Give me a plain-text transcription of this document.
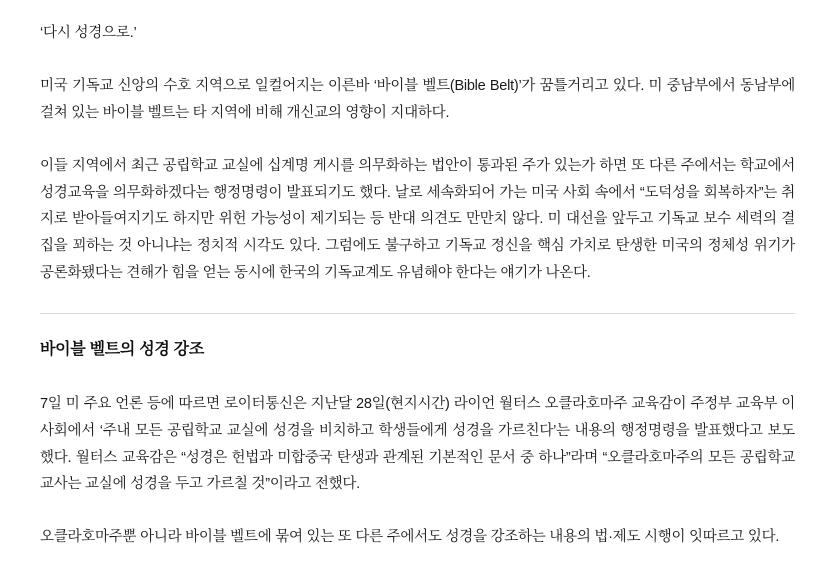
‘다시 성경으로.’

미국 기독교 신앙의 수호 지역으로 일컬어지는 이른바 ‘바이블 벨트(Bible Belt)’가 꿈틀거리고 있다. 미 중남부에서 동남부에 걸쳐 있는 바이블 벨트는 타 지역에 비해 개신교의 영향이 지대하다.

이들 지역에서 최근 공립학교 교실에 십계명 게시를 의무화하는 법안이 통과된 주가 있는가 하면 또 다른 주에서는 학교에서 성경교육을 의무화하겠다는 행정명령이 발표되기도 했다. 날로 세속화되어 가는 미국 사회 속에서 “도덕성을 회복하자”는 취지로 받아들여지기도 하지만 위헌 가능성이 제기되는 등 반대 의견도 만만치 않다. 미 대선을 앞두고 기독교 보수 세력의 결집을 꾀하는 것 아니냐는 정치적 시각도 있다. 그럼에도 불구하고 기독교 정신을 핵심 가치로 탄생한 미국의 정체성 위기가 공론화됐다는 견해가 힘을 얻는 동시에 한국의 기독교계도 유념해야 한다는 얘기가 나온다.

바이블 벨트의 성경 강조

7일 미 주요 언론 등에 따르면 로이터통신은 지난달 28일(현지시간) 라이언 월터스 오클라호마주 교육감이 주정부 교육부 이사회에서 ‘주내 모든 공립학교 교실에 성경을 비치하고 학생들에게 성경을 가르친다’는 내용의 행정명령을 발표했다고 보도했다. 월터스 교육감은 “성경은 헌법과 미합중국 탄생과 관계된 기본적인 문서 중 하나”라며 “오클라호마주의 모든 공립학교 교사는 교실에 성경을 두고 가르칠 것”이라고 전했다.

오클라호마주뿐 아니라 바이블 벨트에 묶여 있는 또 다른 주에서도 성경을 강조하는 내용의 법·제도 시행이 잇따르고 있다.
